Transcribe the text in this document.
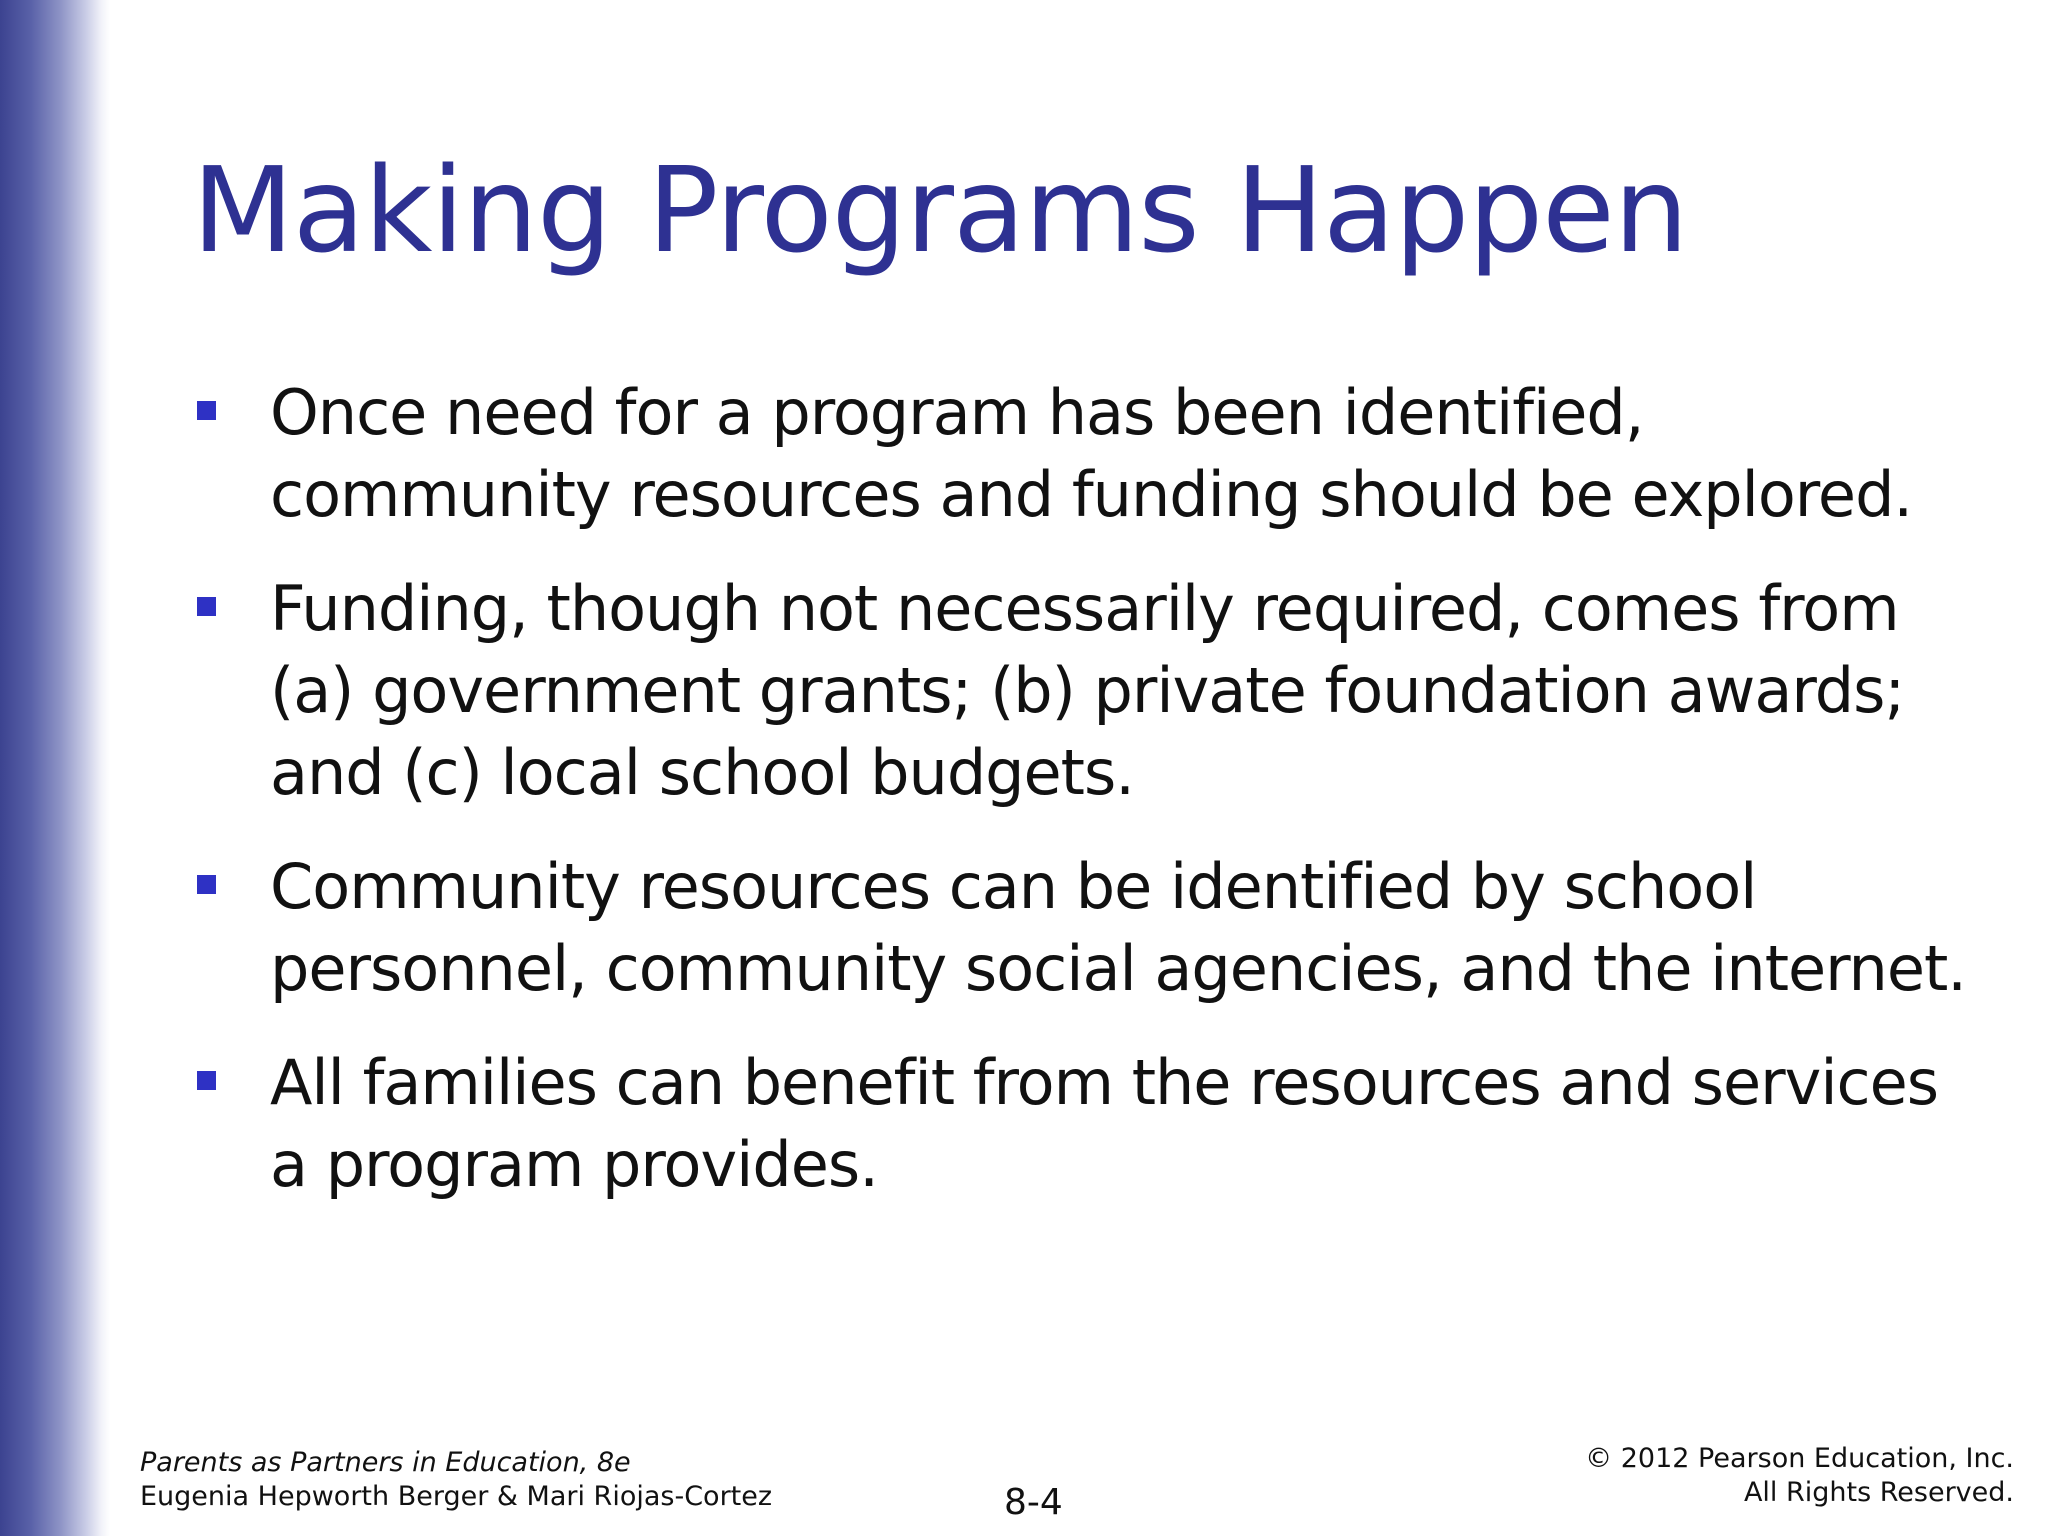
Making Programs Happen
Once need for a program has been identified, community resources and funding should be explored.
Funding, though not necessarily required, comes from (a) government grants; (b) private foundation awards; and (c) local school budgets.
Community resources can be identified by school personnel, community social agencies, and the internet.
All families can benefit from the resources and services a program provides.
Parents as Partners in Education, 8e
Eugenia Hepworth Berger & Mari Riojas-Cortez	8-4
© 2012 Pearson Education, Inc.
All Rights Reserved.
